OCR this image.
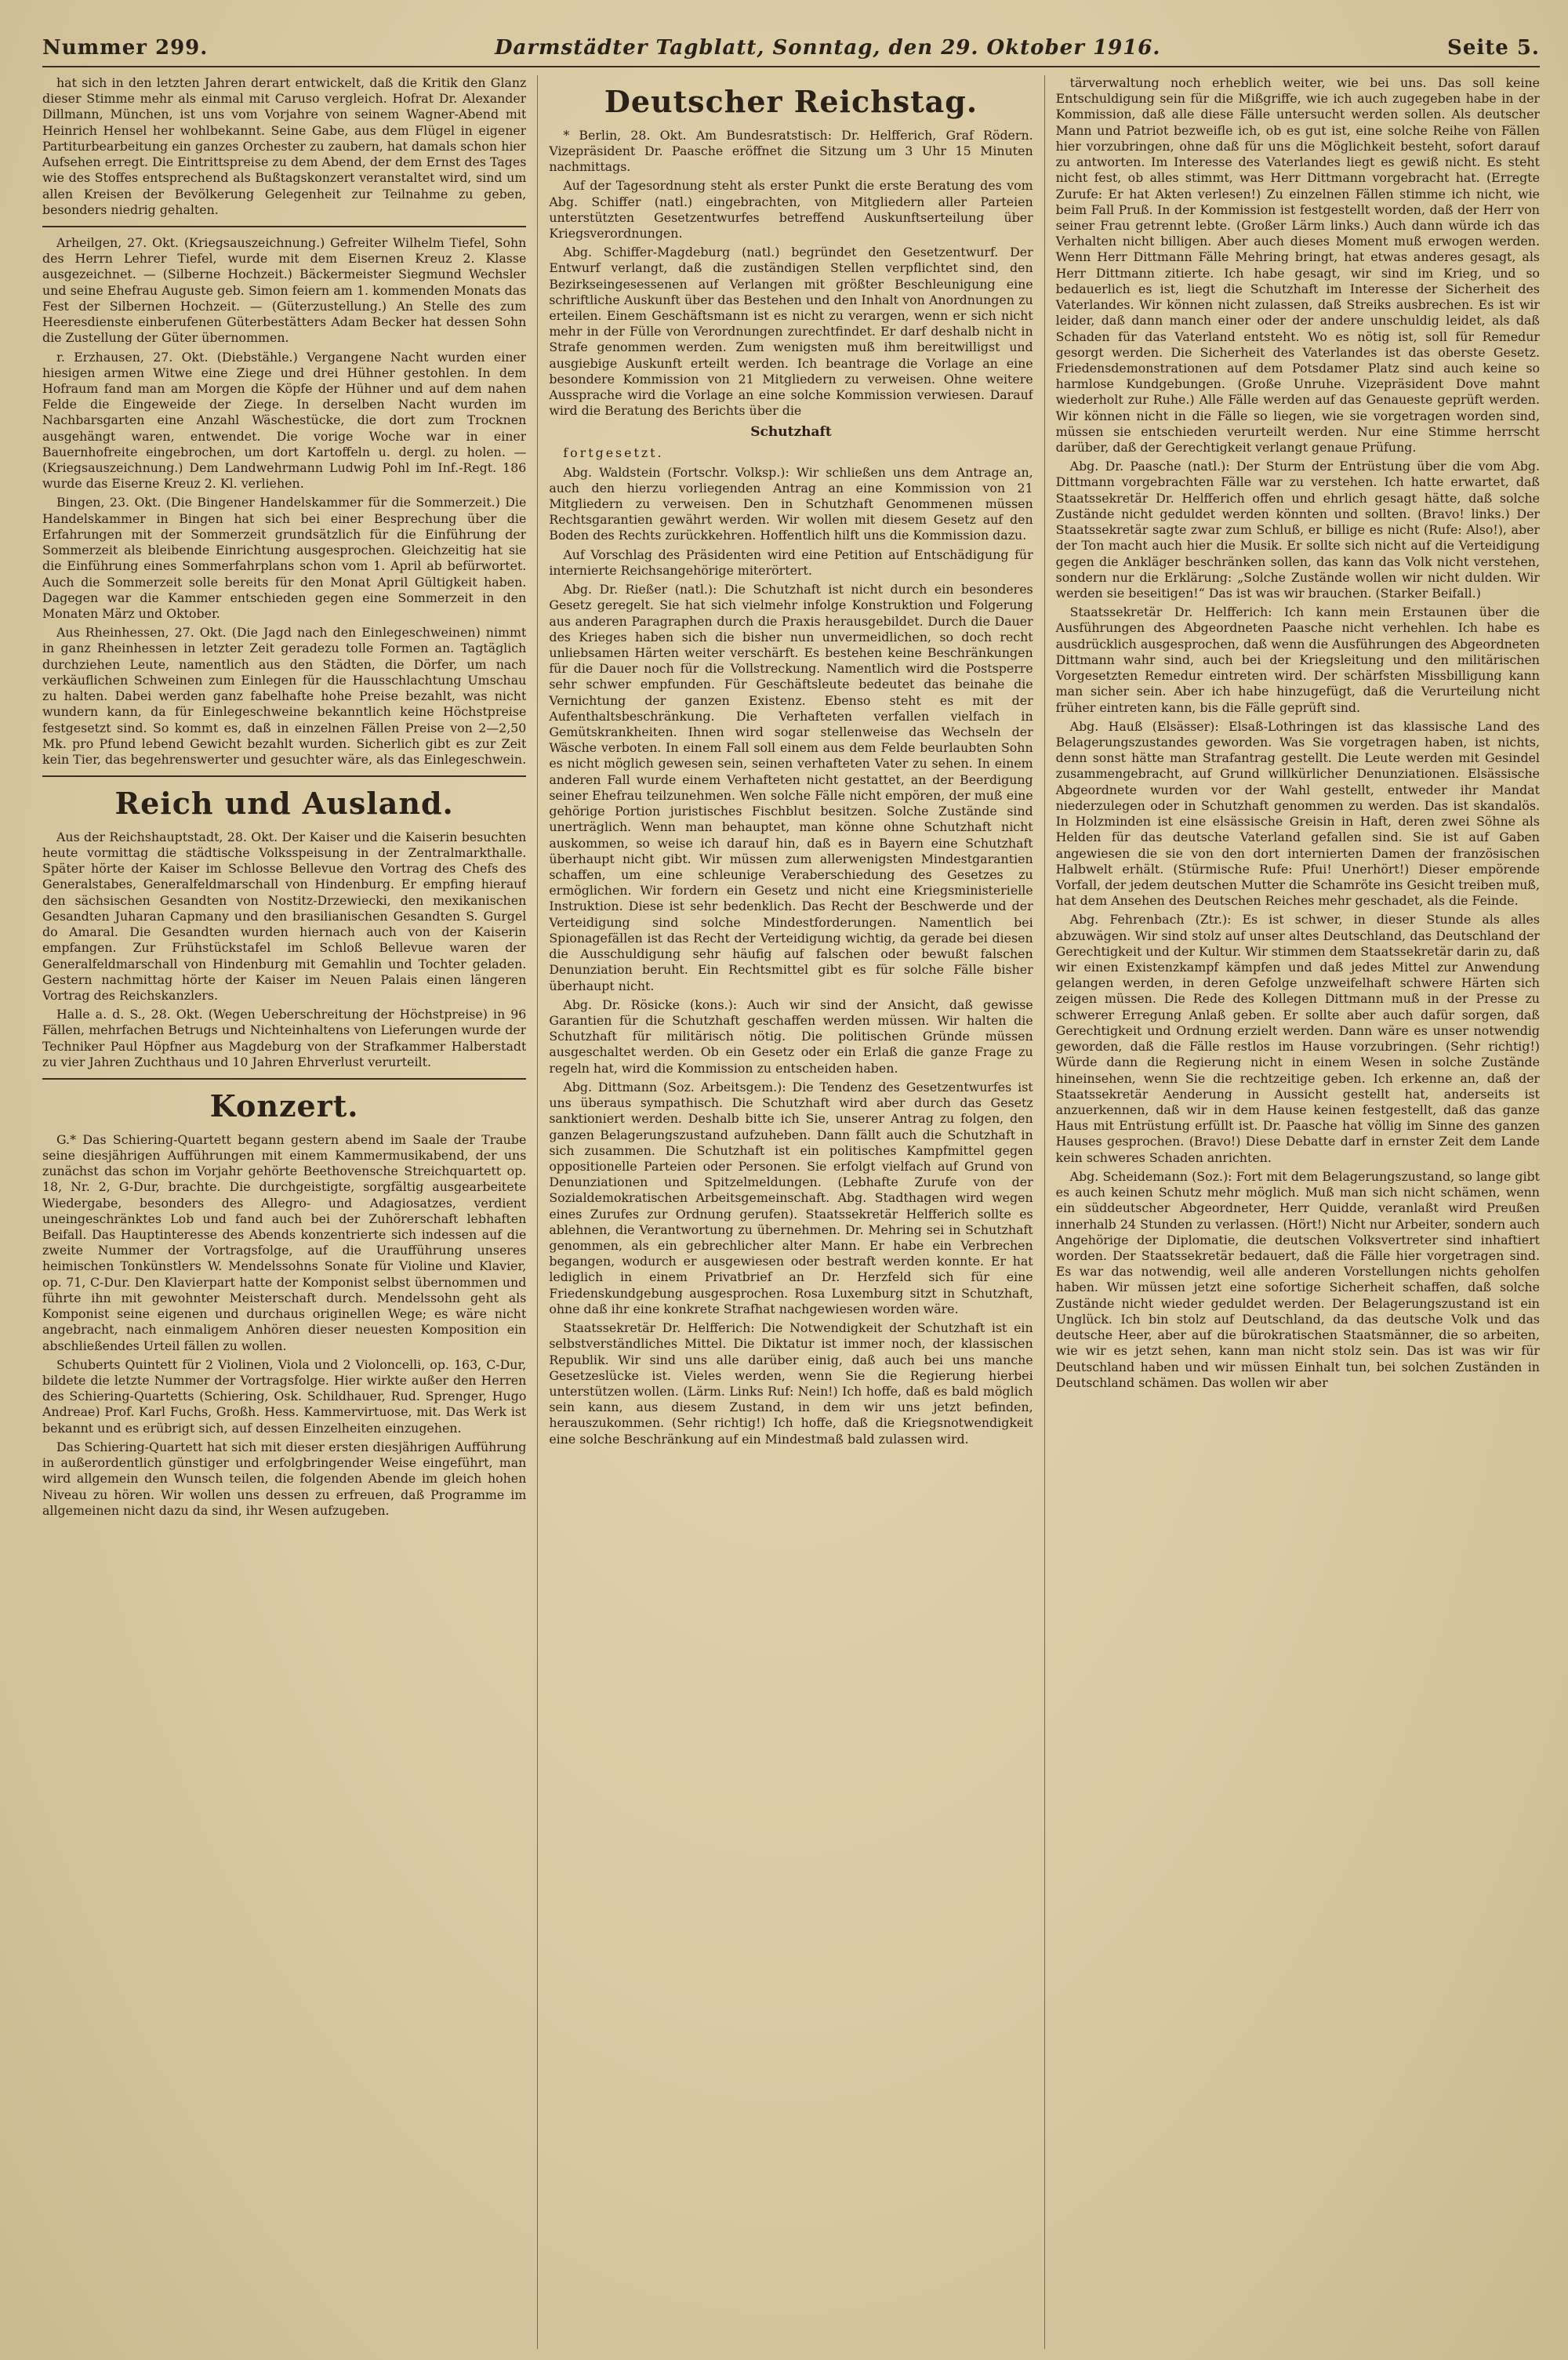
Nummer 299.	Darmstädter Tagblatt, Sonntag, den 29. Oktober 1916.	Seite 5.

hat sich in den letzten Jahren derart entwickelt, daß die Kritik den Glanz dieser Stimme mehr als einmal mit Caruso vergleich. Hofrat Dr. Alexander Dillmann, München, ist uns vom Vorjahre von seinem Wagner-Abend mit Heinrich Hensel her wohlbekannt. Seine Gabe, aus dem Flügel in eigener Partiturbearbeitung ein ganzes Orchester zu zaubern, hat damals schon hier Aufsehen erregt. Die Eintrittspreise zu dem Abend, der dem Ernst des Tages wie des Stoffes entsprechend als Bußtagskonzert veranstaltet wird, sind um allen Kreisen der Bevölkerung Gelegenheit zur Teilnahme zu geben, besonders niedrig gehalten.

Arheilgen, 27. Okt. (Kriegsauszeichnung.) Gefreiter Wilhelm Tiefel, Sohn des Herrn Lehrer Tiefel, wurde mit dem Eisernen Kreuz 2. Klasse ausgezeichnet. — (Silberne Hochzeit.) Bäckermeister Siegmund Wechsler und seine Ehefrau Auguste geb. Simon feiern am 1. kommenden Monats das Fest der Silbernen Hochzeit. — (Güterzustellung.) An Stelle des zum Heeresdienste einberufenen Güterbestätters Adam Becker hat dessen Sohn die Zustellung der Güter übernommen.

r. Erzhausen, 27. Okt. (Diebstähle.) Vergangene Nacht wurden einer hiesigen armen Witwe eine Ziege und drei Hühner gestohlen. In dem Hofraum fand man am Morgen die Köpfe der Hühner und auf dem nahen Felde die Eingeweide der Ziege. In derselben Nacht wurden im Nachbarsgarten eine Anzahl Wäschestücke, die dort zum Trocknen ausgehängt waren, entwendet. Die vorige Woche war in einer Bauernhofreite eingebrochen, um dort Kartoffeln u. dergl. zu holen. — (Kriegsauszeichnung.) Dem Landwehrmann Ludwig Pohl im Inf.-Regt. 186 wurde das Eiserne Kreuz 2. Kl. verliehen.

Bingen, 23. Okt. (Die Bingener Handelskammer für die Sommerzeit.) Die Handelskammer in Bingen hat sich bei einer Besprechung über die Erfahrungen mit der Sommerzeit grundsätzlich für die Einführung der Sommerzeit als bleibende Einrichtung ausgesprochen. Gleichzeitig hat sie die Einführung eines Sommerfahrplans schon vom 1. April ab befürwortet. Auch die Sommerzeit solle bereits für den Monat April Gültigkeit haben. Dagegen war die Kammer entschieden gegen eine Sommerzeit in den Monaten März und Oktober.

Aus Rheinhessen, 27. Okt. (Die Jagd nach den Einlegeschweinen) nimmt in ganz Rheinhessen in letzter Zeit geradezu tolle Formen an. Tagtäglich durchziehen Leute, namentlich aus den Städten, die Dörfer, um nach verkäuflichen Schweinen zum Einlegen für die Hausschlachtung Umschau zu halten. Dabei werden ganz fabelhafte hohe Preise bezahlt, was nicht wundern kann, da für Einlegeschweine bekanntlich keine Höchstpreise festgesetzt sind. So kommt es, daß in einzelnen Fällen Preise von 2—2,50 Mk. pro Pfund lebend Gewicht bezahlt wurden. Sicherlich gibt es zur Zeit kein Tier, das begehrenswerter und gesuchter wäre, als das Einlegeschwein.

Reich und Ausland.

Aus der Reichshauptstadt, 28. Okt. Der Kaiser und die Kaiserin besuchten heute vormittag die städtische Volksspeisung in der Zentralmarkthalle. Später hörte der Kaiser im Schlosse Bellevue den Vortrag des Chefs des Generalstabes, Generalfeldmarschall von Hindenburg. Er empfing hierauf den sächsischen Gesandten von Nostitz-Drzewiecki, den mexikanischen Gesandten Juharan Capmany und den brasilianischen Gesandten S. Gurgel do Amaral. Die Gesandten wurden hiernach auch von der Kaiserin empfangen. Zur Frühstückstafel im Schloß Bellevue waren der Generalfeldmarschall von Hindenburg mit Gemahlin und Tochter geladen. Gestern nachmittag hörte der Kaiser im Neuen Palais einen längeren Vortrag des Reichskanzlers.

Halle a. d. S., 28. Okt. (Wegen Ueberschreitung der Höchstpreise) in 96 Fällen, mehrfachen Betrugs und Nichteinhaltens von Lieferungen wurde der Techniker Paul Höpfner aus Magdeburg von der Strafkammer Halberstadt zu vier Jahren Zuchthaus und 10 Jahren Ehrverlust verurteilt.

Konzert.

G.* Das Schiering-Quartett begann gestern abend im Saale der Traube seine diesjährigen Aufführungen mit einem Kammermusikabend, der uns zunächst das schon im Vorjahr gehörte Beethovensche Streichquartett op. 18, Nr. 2, G-Dur, brachte. Die durchgeistigte, sorgfältig ausgearbeitete Wiedergabe, besonders des Allegro- und Adagiosatzes, verdient uneingeschränktes Lob und fand auch bei der Zuhörerschaft lebhaften Beifall. Das Hauptinteresse des Abends konzentrierte sich indessen auf die zweite Nummer der Vortragsfolge, auf die Uraufführung unseres heimischen Tonkünstlers W. Mendelssohns Sonate für Violine und Klavier, op. 71, C-Dur. Den Klavierpart hatte der Komponist selbst übernommen und führte ihn mit gewohnter Meisterschaft durch. Mendelssohn geht als Komponist seine eigenen und durchaus originellen Wege; es wäre nicht angebracht, nach einmaligem Anhören dieser neuesten Komposition ein abschließendes Urteil fällen zu wollen.

Schuberts Quintett für 2 Violinen, Viola und 2 Violoncelli, op. 163, C-Dur, bildete die letzte Nummer der Vortragsfolge. Hier wirkte außer den Herren des Schiering-Quartetts (Schiering, Osk. Schildhauer, Rud. Sprenger, Hugo Andreae) Prof. Karl Fuchs, Großh. Hess. Kammervirtuose, mit. Das Werk ist bekannt und es erübrigt sich, auf dessen Einzelheiten einzugehen.

Das Schiering-Quartett hat sich mit dieser ersten diesjährigen Aufführung in außerordentlich günstiger und erfolgbringender Weise eingeführt, man wird allgemein den Wunsch teilen, die folgenden Abende im gleich hohen Niveau zu hören. Wir wollen uns dessen zu erfreuen, daß Programme im allgemeinen nicht dazu da sind, ihr Wesen aufzugeben.

Deutscher Reichstag.

* Berlin, 28. Okt. Am Bundesratstisch: Dr. Helfferich, Graf Rödern. Vizepräsident Dr. Paasche eröffnet die Sitzung um 3 Uhr 15 Minuten nachmittags.

Auf der Tagesordnung steht als erster Punkt die erste Beratung des vom Abg. Schiffer (natl.) eingebrachten, von Mitgliedern aller Parteien unterstützten Gesetzentwurfes betreffend Auskunftserteilung über Kriegsverordnungen.

Abg. Schiffer-Magdeburg (natl.) begründet den Gesetzentwurf. Der Entwurf verlangt, daß die zuständigen Stellen verpflichtet sind, den Bezirkseingesessenen auf Verlangen mit größter Beschleunigung eine schriftliche Auskunft über das Bestehen und den Inhalt von Anordnungen zu erteilen. Einem Geschäftsmann ist es nicht zu verargen, wenn er sich nicht mehr in der Fülle von Verordnungen zurechtfindet. Er darf deshalb nicht in Strafe genommen werden. Zum wenigsten muß ihm bereitwilligst und ausgiebige Auskunft erteilt werden. Ich beantrage die Vorlage an eine besondere Kommission von 21 Mitgliedern zu verweisen. Ohne weitere Aussprache wird die Vorlage an eine solche Kommission verwiesen. Darauf wird die Beratung des Berichts über die

Schutzhaft

fortgesetzt.

Abg. Waldstein (Fortschr. Volksp.): Wir schließen uns dem Antrage an, auch den hierzu vorliegenden Antrag an eine Kommission von 21 Mitgliedern zu verweisen. Den in Schutzhaft Genommenen müssen Rechtsgarantien gewährt werden. Wir wollen mit diesem Gesetz auf den Boden des Rechts zurückkehren. Hoffentlich hilft uns die Kommission dazu.

Auf Vorschlag des Präsidenten wird eine Petition auf Entschädigung für internierte Reichsangehörige miterörtert.

Abg. Dr. Rießer (natl.): Die Schutzhaft ist nicht durch ein besonderes Gesetz geregelt. Sie hat sich vielmehr infolge Konstruktion und Folgerung aus anderen Paragraphen durch die Praxis herausgebildet. Durch die Dauer des Krieges haben sich die bisher nun unvermeidlichen, so doch recht unliebsamen Härten weiter verschärft. Es bestehen keine Beschränkungen für die Dauer noch für die Vollstreckung. Namentlich wird die Postsperre sehr schwer empfunden. Für Geschäftsleute bedeutet das beinahe die Vernichtung der ganzen Existenz. Ebenso steht es mit der Aufenthaltsbeschränkung. Die Verhafteten verfallen vielfach in Gemütskrankheiten. Ihnen wird sogar stellenweise das Wechseln der Wäsche verboten. In einem Fall soll einem aus dem Felde beurlaubten Sohn es nicht möglich gewesen sein, seinen verhafteten Vater zu sehen. In einem anderen Fall wurde einem Verhafteten nicht gestattet, an der Beerdigung seiner Ehefrau teilzunehmen. Wen solche Fälle nicht empören, der muß eine gehörige Portion juristisches Fischblut besitzen. Solche Zustände sind unerträglich. Wenn man behauptet, man könne ohne Schutzhaft nicht auskommen, so weise ich darauf hin, daß es in Bayern eine Schutzhaft überhaupt nicht gibt. Wir müssen zum allerwenigsten Mindestgarantien schaffen, um eine schleunige Veraberschiedung des Gesetzes zu ermöglichen. Wir fordern ein Gesetz und nicht eine Kriegsministerielle Instruktion. Diese ist sehr bedenklich. Das Recht der Beschwerde und der Verteidigung sind solche Mindestforderungen. Namentlich bei Spionagefällen ist das Recht der Verteidigung wichtig, da gerade bei diesen die Ausschuldigung sehr häufig auf falschen oder bewußt falschen Denunziation beruht. Ein Rechtsmittel gibt es für solche Fälle bisher überhaupt nicht.

Abg. Dr. Rösicke (kons.): Auch wir sind der Ansicht, daß gewisse Garantien für die Schutzhaft geschaffen werden müssen. Wir halten die Schutzhaft für militärisch nötig. Die politischen Gründe müssen ausgeschaltet werden. Ob ein Gesetz oder ein Erlaß die ganze Frage zu regeln hat, wird die Kommission zu entscheiden haben.

Abg. Dittmann (Soz. Arbeitsgem.): Die Tendenz des Gesetzentwurfes ist uns überaus sympathisch. Die Schutzhaft wird aber durch das Gesetz sanktioniert werden. Deshalb bitte ich Sie, unserer Antrag zu folgen, den ganzen Belagerungszustand aufzuheben. Dann fällt auch die Schutzhaft in sich zusammen. Die Schutzhaft ist ein politisches Kampfmittel gegen oppositionelle Parteien oder Personen. Sie erfolgt vielfach auf Grund von Denunziationen und Spitzelmeldungen. (Lebhafte Zurufe von der Sozialdemokratischen Arbeitsgemeinschaft. Abg. Stadthagen wird wegen eines Zurufes zur Ordnung gerufen). Staatssekretär Helfferich sollte es ablehnen, die Verantwortung zu übernehmen. Dr. Mehring sei in Schutzhaft genommen, als ein gebrechlicher alter Mann. Er habe ein Verbrechen begangen, wodurch er ausgewiesen oder bestraft werden konnte. Er hat lediglich in einem Privatbrief an Dr. Herzfeld sich für eine Friedenskundgebung ausgesprochen. Rosa Luxemburg sitzt in Schutzhaft, ohne daß ihr eine konkrete Strafhat nachgewiesen worden wäre.

Staatssekretär Dr. Helfferich: Die Notwendigkeit der Schutzhaft ist ein selbstverständliches Mittel. Die Diktatur ist immer noch, der klassischen Republik. Wir sind uns alle darüber einig, daß auch bei uns manche Gesetzeslücke ist. Vieles werden, wenn Sie die Regierung hierbei unterstützen wollen. (Lärm. Links Ruf: Nein!) Ich hoffe, daß es bald möglich sein kann, aus diesem Zustand, in dem wir uns jetzt befinden, herauszukommen. (Sehr richtig!) Ich hoffe, daß die Kriegsnotwendigkeit eine solche Beschränkung auf ein Mindestmaß bald zulassen wird.

tärverwaltung noch erheblich weiter, wie bei uns. Das soll keine Entschuldigung sein für die Mißgriffe, wie ich auch zugegeben habe in der Kommission, daß alle diese Fälle untersucht werden sollen. Als deutscher Mann und Patriot bezweifle ich, ob es gut ist, eine solche Reihe von Fällen hier vorzubringen, ohne daß für uns die Möglichkeit besteht, sofort darauf zu antworten. Im Interesse des Vaterlandes liegt es gewiß nicht. Es steht nicht fest, ob alles stimmt, was Herr Dittmann vorgebracht hat. (Erregte Zurufe: Er hat Akten verlesen!) Zu einzelnen Fällen stimme ich nicht, wie beim Fall Pruß. In der Kommission ist festgestellt worden, daß der Herr von seiner Frau getrennt lebte. (Großer Lärm links.) Auch dann würde ich das Verhalten nicht billigen. Aber auch dieses Moment muß erwogen werden. Wenn Herr Dittmann Fälle Mehring bringt, hat etwas anderes gesagt, als Herr Dittmann zitierte. Ich habe gesagt, wir sind im Krieg, und so bedauerlich es ist, liegt die Schutzhaft im Interesse der Sicherheit des Vaterlandes. Wir können nicht zulassen, daß Streiks ausbrechen. Es ist wir leider, daß dann manch einer oder der andere unschuldig leidet, als daß Schaden für das Vaterland entsteht. Wo es nötig ist, soll für Remedur gesorgt werden. Die Sicherheit des Vaterlandes ist das oberste Gesetz. Friedensdemonstrationen auf dem Potsdamer Platz sind auch keine so harmlose Kundgebungen. (Große Unruhe. Vizepräsident Dove mahnt wiederholt zur Ruhe.) Alle Fälle werden auf das Genaueste geprüft werden. Wir können nicht in die Fälle so liegen, wie sie vorgetragen worden sind, müssen sie entschieden verurteilt werden. Nur eine Stimme herrscht darüber, daß der Gerechtigkeit verlangt genaue Prüfung.

Abg. Dr. Paasche (natl.): Der Sturm der Entrüstung über die vom Abg. Dittmann vorgebrachten Fälle war zu verstehen. Ich hatte erwartet, daß Staatssekretär Dr. Helfferich offen und ehrlich gesagt hätte, daß solche Zustände nicht geduldet werden könnten und sollten. (Bravo! links.) Der Staatssekretär sagte zwar zum Schluß, er billige es nicht (Rufe: Also!), aber der Ton macht auch hier die Musik. Er sollte sich nicht auf die Verteidigung gegen die Ankläger beschränken sollen, das kann das Volk nicht verstehen, sondern nur die Erklärung: „Solche Zustände wollen wir nicht dulden. Wir werden sie beseitigen!“ Das ist was wir brauchen. (Starker Beifall.)

Staatssekretär Dr. Helfferich: Ich kann mein Erstaunen über die Ausführungen des Abgeordneten Paasche nicht verhehlen. Ich habe es ausdrücklich ausgesprochen, daß wenn die Ausführungen des Abgeordneten Dittmann wahr sind, auch bei der Kriegsleitung und den militärischen Vorgesetzten Remedur eintreten wird. Der schärfsten Missbilligung kann man sicher sein. Aber ich habe hinzugefügt, daß die Verurteilung nicht früher eintreten kann, bis die Fälle geprüft sind.

Abg. Hauß (Elsässer): Elsaß-Lothringen ist das klassische Land des Belagerungszustandes geworden. Was Sie vorgetragen haben, ist nichts, denn sonst hätte man Strafantrag gestellt. Die Leute werden mit Gesindel zusammengebracht, auf Grund willkürlicher Denunziationen. Elsässische Abgeordnete wurden vor der Wahl gestellt, entweder ihr Mandat niederzulegen oder in Schutzhaft genommen zu werden. Das ist skandalös. In Holzminden ist eine elsässische Greisin in Haft, deren zwei Söhne als Helden für das deutsche Vaterland gefallen sind. Sie ist auf Gaben angewiesen die sie von den dort internierten Damen der französischen Halbwelt erhält. (Stürmische Rufe: Pfui! Unerhört!) Dieser empörende Vorfall, der jedem deutschen Mutter die Schamröte ins Gesicht treiben muß, hat dem Ansehen des Deutschen Reiches mehr geschadet, als die Feinde.

Abg. Fehrenbach (Ztr.): Es ist schwer, in dieser Stunde als alles abzuwägen. Wir sind stolz auf unser altes Deutschland, das Deutschland der Gerechtigkeit und der Kultur. Wir stimmen dem Staatssekretär darin zu, daß wir einen Existenzkampf kämpfen und daß jedes Mittel zur Anwendung gelangen werden, in deren Gefolge unzweifelhaft schwere Härten sich zeigen müssen. Die Rede des Kollegen Dittmann muß in der Presse zu schwerer Erregung Anlaß geben. Er sollte aber auch dafür sorgen, daß Gerechtigkeit und Ordnung erzielt werden. Dann wäre es unser notwendig geworden, daß die Fälle restlos im Hause vorzubringen. (Sehr richtig!) Würde dann die Regierung nicht in einem Wesen in solche Zustände hineinsehen, wenn Sie die rechtzeitige geben. Ich erkenne an, daß der Staatssekretär Aenderung in Aussicht gestellt hat, anderseits ist anzuerkennen, daß wir in dem Hause keinen festgestellt, daß das ganze Haus mit Entrüstung erfüllt ist. Dr. Paasche hat völlig im Sinne des ganzen Hauses gesprochen. (Bravo!) Diese Debatte darf in ernster Zeit dem Lande kein schweres Schaden anrichten.

Abg. Scheidemann (Soz.): Fort mit dem Belagerungszustand, so lange gibt es auch keinen Schutz mehr möglich. Muß man sich nicht schämen, wenn ein süddeutscher Abgeordneter, Herr Quidde, veranlaßt wird Preußen innerhalb 24 Stunden zu verlassen. (Hört!) Nicht nur Arbeiter, sondern auch Angehörige der Diplomatie, die deutschen Volksvertreter sind inhaftiert worden. Der Staatssekretär bedauert, daß die Fälle hier vorgetragen sind. Es war das notwendig, weil alle anderen Vorstellungen nichts geholfen haben. Wir müssen jetzt eine sofortige Sicherheit schaffen, daß solche Zustände nicht wieder geduldet werden. Der Belagerungszustand ist ein Unglück. Ich bin stolz auf Deutschland, da das deutsche Volk und das deutsche Heer, aber auf die bürokratischen Staatsmänner, die so arbeiten, wie wir es jetzt sehen, kann man nicht stolz sein. Das ist was wir für Deutschland haben und wir müssen Einhalt tun, bei solchen Zuständen in Deutschland schämen. Das wollen wir aber
